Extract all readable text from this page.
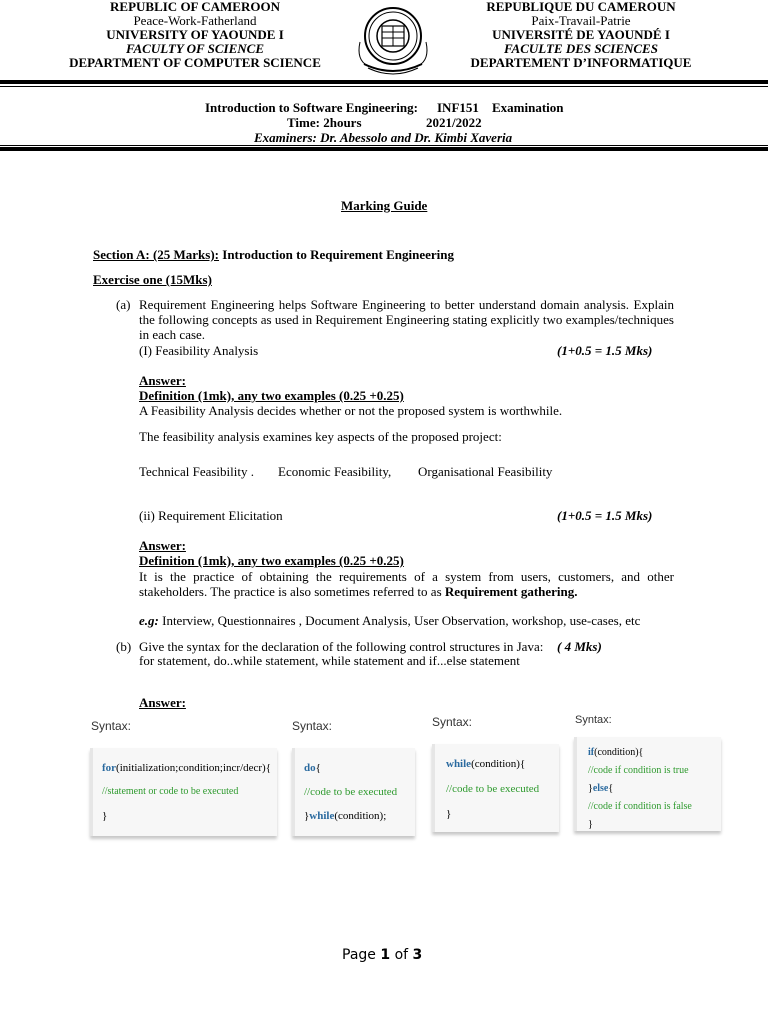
REPUBLIC OF CAMEROON
Peace-Work-Fatherland
UNIVERSITY OF YAOUNDE I
FACULTY OF SCIENCE
DEPARTMENT OF COMPUTER SCIENCE
REPUBLIQUE DU CAMEROUN
Paix-Travail-Patrie
UNIVERSITÉ DE YAOUNDÉ I
FACULTE DES SCIENCES
DEPARTEMENT D’INFORMATIQUE
Introduction to Software Engineering: INF151 Examination
Time: 2hours	2021/2022
Examiners: Dr. Abessolo and Dr. Kimbi Xaveria
Marking Guide
Section A: (25 Marks): Introduction to Requirement Engineering
Exercise one (15Mks)
(a) Requirement Engineering helps Software Engineering to better understand domain analysis. Explain the following concepts as used in Requirement Engineering stating explicitly two examples/techniques in each case.
(I) Feasibility Analysis	(1+0.5 = 1.5 Mks)
Answer:
Definition (1mk), any two examples (0.25 +0.25)
A Feasibility Analysis decides whether or not the proposed system is worthwhile.
The feasibility analysis examines key aspects of the proposed project:
Technical Feasibility . Economic Feasibility, Organisational Feasibility
(ii) Requirement Elicitation	(1+0.5 = 1.5 Mks)
Answer:
Definition (1mk), any two examples (0.25 +0.25)
It is the practice of obtaining the requirements of a system from users, customers, and other stakeholders. The practice is also sometimes referred to as Requirement gathering.
e.g: Interview, Questionnaires , Document Analysis, User Observation, workshop, use-cases, etc
(b) Give the syntax for the declaration of the following control structures in Java: ( 4 Mks)
for statement, do..while statement, while statement and if...else statement
Answer:
Syntax:
for(initialization;condition;incr/decr){
//statement or code to be executed
}
Syntax:
do{
//code to be executed
}while(condition);
Syntax:
while(condition){
//code to be executed
}
Syntax:
if(condition){
//code if condition is true
}else{
//code if condition is false
}
Page 1 of 3
